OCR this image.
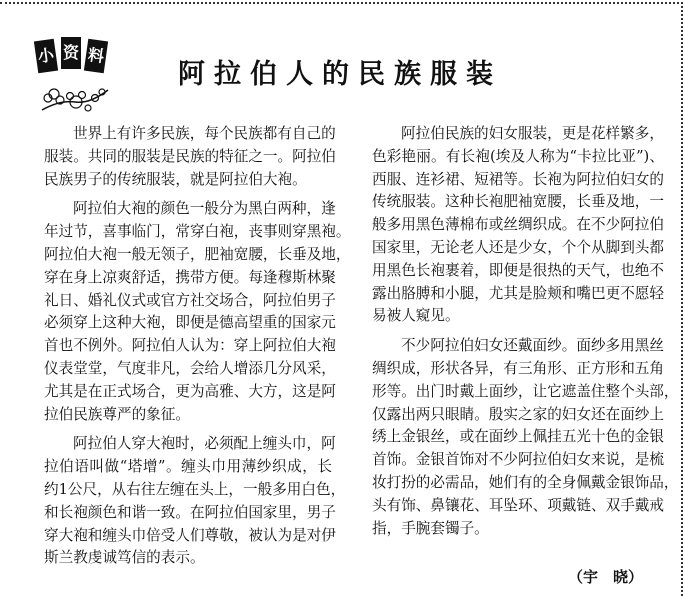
小 资 料
阿拉伯人的民族服装
世界上有许多民族，每个民族都有自己的
服装。共同的服装是民族的特征之一。阿拉伯
民族男子的传统服装，就是阿拉伯大袍。
阿拉伯大袍的颜色一般分为黑白两种，逢
年过节，喜事临门，常穿白袍，丧事则穿黑袍。
阿拉伯大袍一般无领子，肥袖宽腰，长垂及地，
穿在身上凉爽舒适，携带方便。每逢穆斯林聚
礼日、婚礼仪式或官方社交场合，阿拉伯男子
必须穿上这种大袍，即便是德高望重的国家元
首也不例外。阿拉伯人认为：穿上阿拉伯大袍
仪表堂堂，气度非凡，会给人增添几分风采，
尤其是在正式场合，更为高雅、大方，这是阿
拉伯民族尊严的象征。
阿拉伯人穿大袍时，必须配上缠头巾，阿
拉伯语叫做“塔增”。缠头巾用薄纱织成，长
约1公尺，从右往左缠在头上，一般多用白色，
和长袍颜色和谐一致。在阿拉伯国家里，男子
穿大袍和缠头巾倍受人们尊敬，被认为是对伊
斯兰教虔诚笃信的表示。
阿拉伯民族的妇女服装，更是花样繁多，
色彩艳丽。有长袍(埃及人称为“卡拉比亚”)、
西服、连衫裙、短裙等。长袍为阿拉伯妇女的
传统服装。这种长袍肥袖宽腰，长垂及地，一
般多用黑色薄棉布或丝绸织成。在不少阿拉伯
国家里，无论老人还是少女，个个从脚到头都
用黑色长袍裹着，即便是很热的天气，也绝不
露出胳膊和小腿，尤其是脸颊和嘴巴更不愿轻
易被人窥见。
不少阿拉伯妇女还戴面纱。面纱多用黑丝
绸织成，形状各异，有三角形、正方形和五角
形等。出门时戴上面纱，让它遮盖住整个头部，
仅露出两只眼睛。殷实之家的妇女还在面纱上
绣上金银丝，或在面纱上佩挂五光十色的金银
首饰。金银首饰对不少阿拉伯妇女来说，是梳
妆打扮的必需品，她们有的全身佩戴金银饰品，
头有饰、鼻镶花、耳坠环、项戴链、双手戴戒
指，手腕套镯子。
（宇　晓）
